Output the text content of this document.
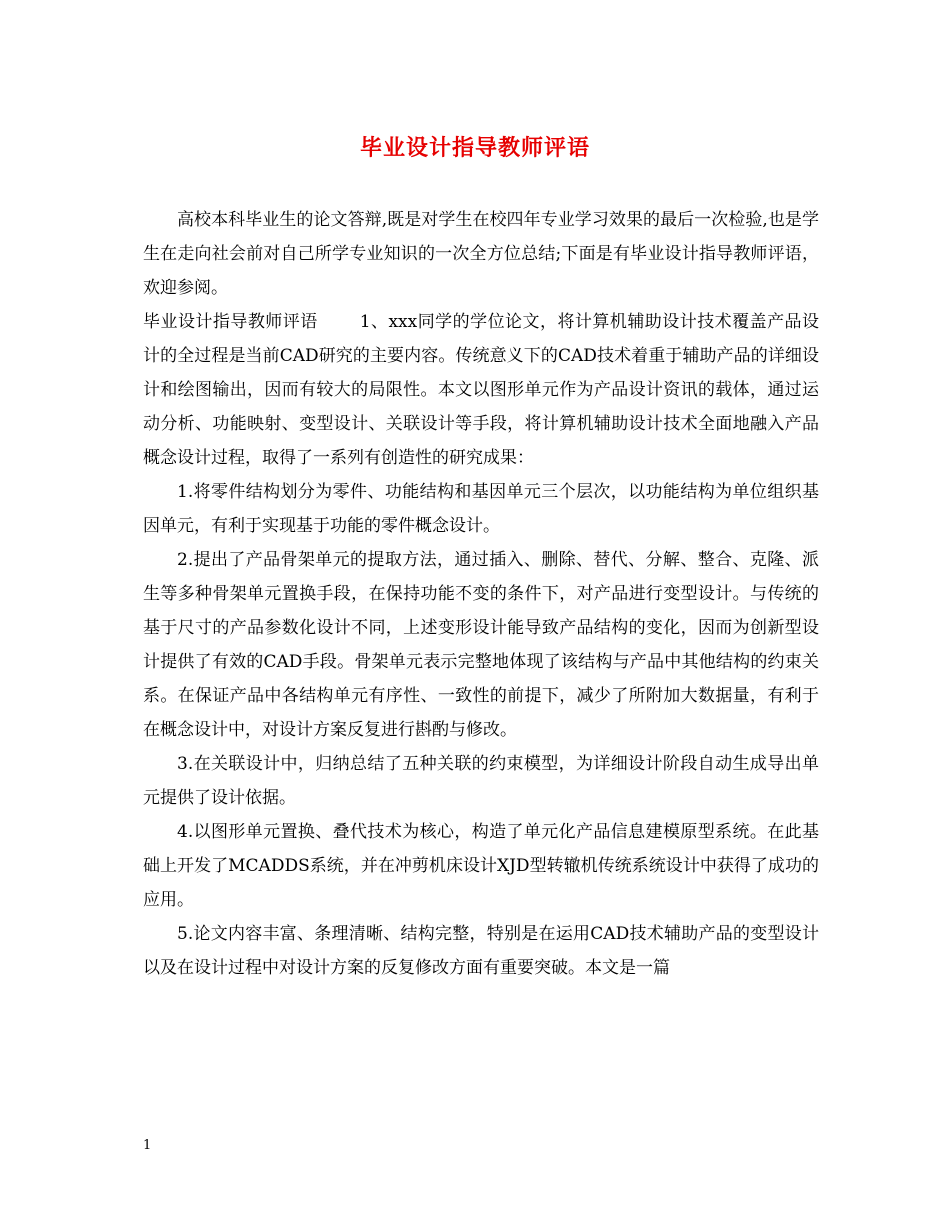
毕业设计指导教师评语

高校本科毕业生的论文答辩,既是对学生在校四年专业学习效果的最后一次检验,也是学生在走向社会前对自己所学专业知识的一次全方位总结;下面是有毕业设计指导教师评语，欢迎参阅。

毕业设计指导教师评语 1、xxx同学的学位论文，将计算机辅助设计技术覆盖产品设计的全过程是当前CAD研究的主要内容。传统意义下的CAD技术着重于辅助产品的详细设计和绘图输出，因而有较大的局限性。本文以图形单元作为产品设计资讯的载体，通过运动分析、功能映射、变型设计、关联设计等手段，将计算机辅助设计技术全面地融入产品概念设计过程，取得了一系列有创造性的研究成果：

1.将零件结构划分为零件、功能结构和基因单元三个层次，以功能结构为单位组织基因单元，有利于实现基于功能的零件概念设计。

2.提出了产品骨架单元的提取方法，通过插入、删除、替代、分解、整合、克隆、派生等多种骨架单元置换手段，在保持功能不变的条件下，对产品进行变型设计。与传统的基于尺寸的产品参数化设计不同，上述变形设计能导致产品结构的变化，因而为创新型设计提供了有效的CAD手段。骨架单元表示完整地体现了该结构与产品中其他结构的约束关系。在保证产品中各结构单元有序性、一致性的前提下，减少了所附加大数据量，有利于在概念设计中，对设计方案反复进行斟酌与修改。

3.在关联设计中，归纳总结了五种关联的约束模型，为详细设计阶段自动生成导出单元提供了设计依据。

4.以图形单元置换、叠代技术为核心，构造了单元化产品信息建模原型系统。在此基础上开发了MCADDS系统，并在冲剪机床设计XJD型转辙机传统系统设计中获得了成功的应用。

5.论文内容丰富、条理清晰、结构完整，特别是在运用CAD技术辅助产品的变型设计以及在设计过程中对设计方案的反复修改方面有重要突破。本文是一篇

1
